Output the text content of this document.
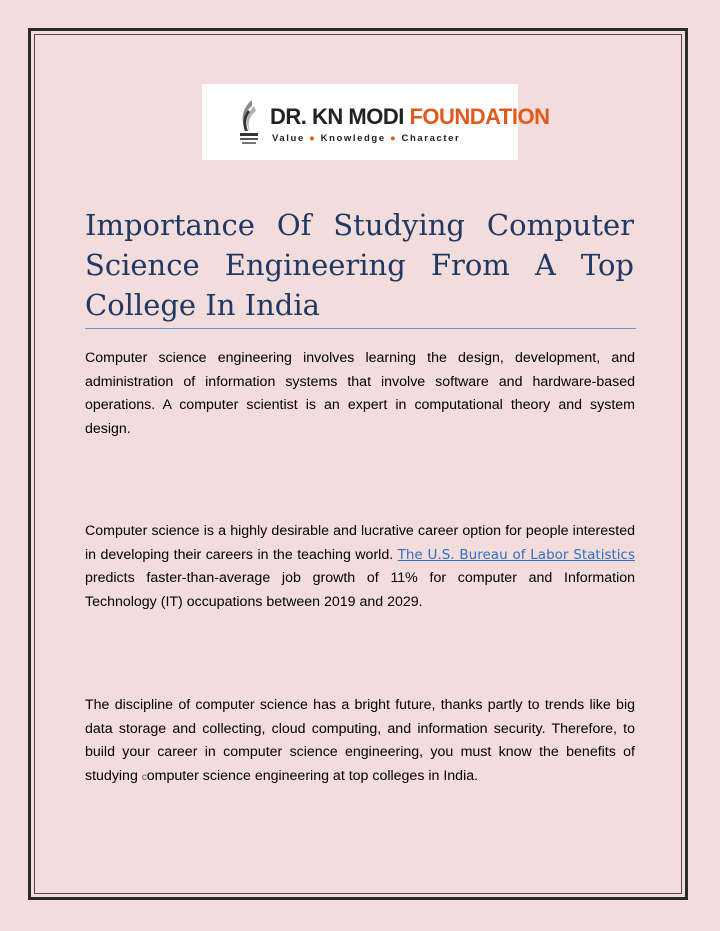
DR. KN MODI FOUNDATION
Value ● Knowledge ● Character
Importance Of Studying Computer Science Engineering From A Top College In India

Computer science engineering involves learning the design, development, and administration of information systems that involve software and hardware-based operations. A computer scientist is an expert in computational theory and system design.

Computer science is a highly desirable and lucrative career option for people interested in developing their careers in the teaching world. The U.S. Bureau of Labor Statistics predicts faster-than-average job growth of 11% for computer and Information Technology (IT) occupations between 2019 and 2029.

The discipline of computer science has a bright future, thanks partly to trends like big data storage and collecting, cloud computing, and information security. Therefore, to build your career in computer science engineering, you must know the benefits of studying computer science engineering at top colleges in India.
